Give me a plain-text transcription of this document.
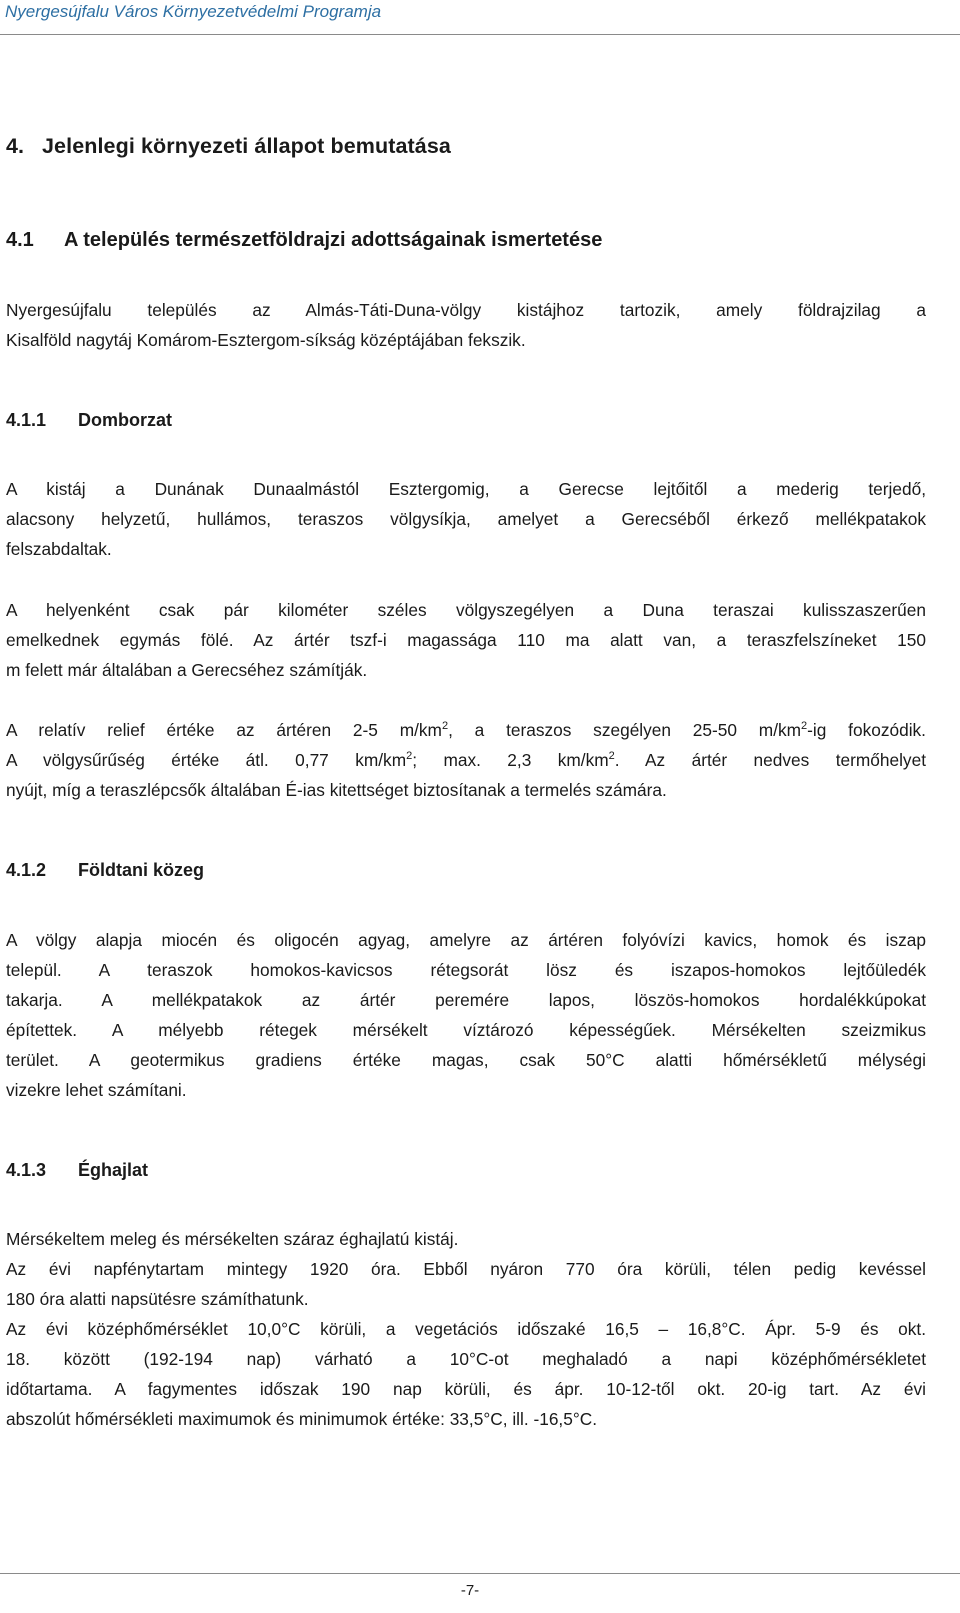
Nyergesújfalu Város Környezetvédelmi Programja
4. Jelenlegi környezeti állapot bemutatása
4.1 A település természetföldrajzi adottságainak ismertetése
Nyergesújfalu település az Almás-Táti-Duna-völgy kistájhoz tartozik, amely földrajzilag a
Kisalföld nagytáj Komárom-Esztergom-síkság középtájában fekszik.
4.1.1 Domborzat
A kistáj a Dunának Dunaalmástól Esztergomig, a Gerecse lejtőitől a mederig terjedő,
alacsony helyzetű, hullámos, teraszos völgysíkja, amelyet a Gerecséből érkező mellékpatakok
felszabdaltak.
A helyenként csak pár kilométer széles völgyszegélyen a Duna teraszai kulisszaszerűen
emelkednek egymás fölé. Az ártér tszf-i magassága 110 ma alatt van, a teraszfelszíneket 150
m felett már általában a Gerecséhez számítják.
A relatív relief értéke az ártéren 2-5 $m/km^2$, a teraszos szegélyen 25-50 $m/km^2-ig$ fokozódik.
A völgysűrűség értéke átl. 0,77 $km/km^2$; max. 2,3 $km/km^2$. Az ártér nedves termőhelyet
nyújt, míg a teraszlépcsők általában É-ias kitettséget biztosítanak a termelés számára.
4.1.2 Földtani közeg
A völgy alapja miocén és oligocén agyag, amelyre az ártéren folyóvízi kavics, homok és iszap
települ. A teraszok homokos-kavicsos rétegsorát lösz és iszapos-homokos lejtőüledék
takarja. A mellékpatakok az ártér peremére lapos, löszös-homokos hordalékkúpokat
építettek. A mélyebb rétegek mérsékelt víztározó képességűek. Mérsékelten szeizmikus
terület. A geotermikus gradiens értéke magas, csak 50°C alatti hőmérsékletű mélységi
vizekre lehet számítani.
4.1.3 Éghajlat
Mérsékeltem meleg és mérsékelten száraz éghajlatú kistáj.
Az évi napfénytartam mintegy 1920 óra. Ebből nyáron 770 óra körüli, télen pedig kevéssel
180 óra alatti napsütésre számíthatunk.
Az évi középhőmérséklet 10,0°C körüli, a vegetációs időszaké 16,5 – 16,8°C. Ápr. 5-9 és okt.
18. között (192-194 nap) várható a 10°C-ot meghaladó a napi középhőmérsékletet
időtartama. A fagymentes időszak 190 nap körüli, és ápr. 10-12-től okt. 20-ig tart. Az évi
abszolút hőmérsékleti maximumok és minimumok értéke: 33,5°C, ill. -16,5°C.
-7-
